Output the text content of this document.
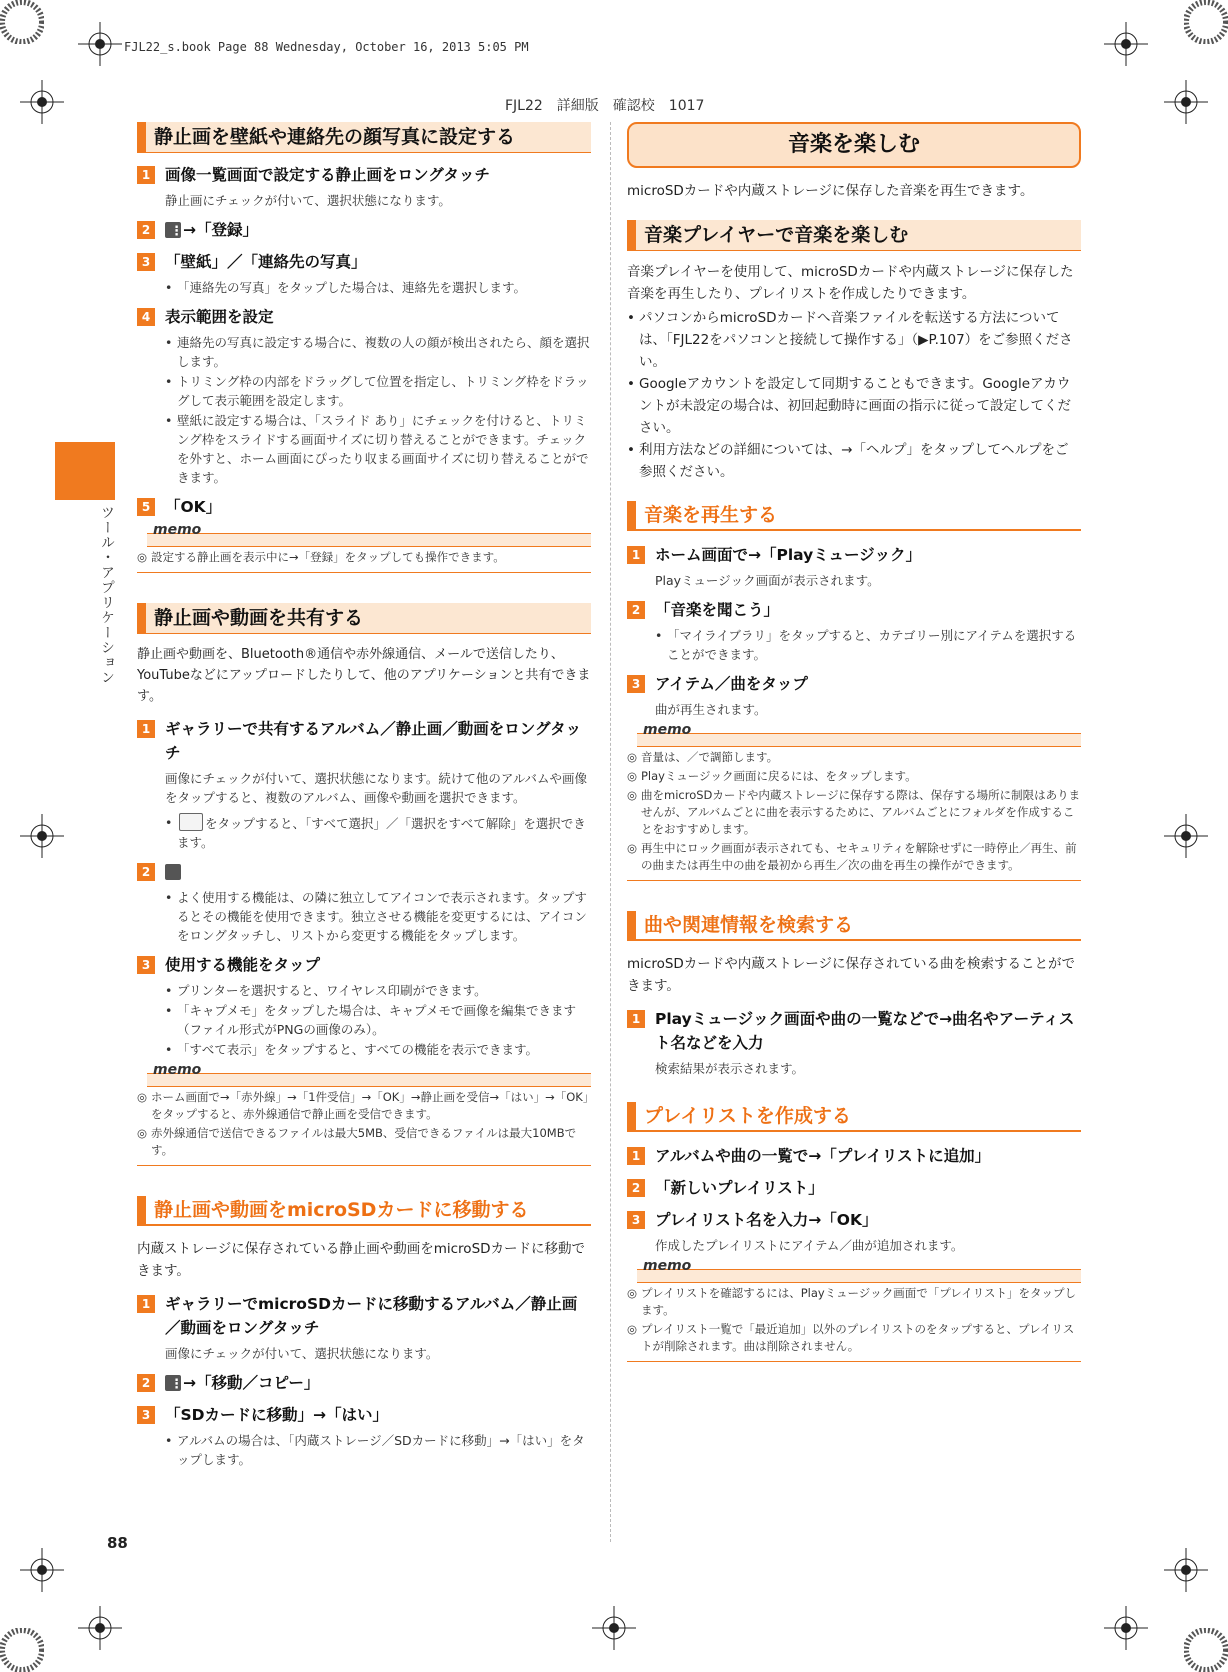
FJL22_s.book Page 88 Wednesday, October 16, 2013 5:05 PM
FJL22　詳細版　確認校　1017
ツール・アプリケーション
静止画を壁紙や連絡先の顔写真に設定する
1 画像一覧画面で設定する静止画をロングタッチ
静止画にチェックが付いて、選択状態になります。
2 ⋮	→「登録」
3 「壁紙」／「連絡先の写真」
• 「連絡先の写真」をタップした場合は、連絡先を選択します。
4 表示範囲を設定
• 連絡先の写真に設定する場合に、複数の人の顔が検出されたら、顔を選択します。
• トリミング枠の内部をドラッグして位置を指定し、トリミング枠をドラッグして表示範囲を設定します。
• 壁紙に設定する場合は、「スライド あり」にチェックを付けると、トリミング枠をスライドする画面サイズに切り替えることができます。チェックを外すと、ホーム画面にぴったり収まる画面サイズに切り替えることができます。
5 「OK」
memo
◎ 設定する静止画を表示中に→「登録」をタップしても操作できます。
静止画や動画を共有する
静止画や動画を、Bluetooth®通信や赤外線通信、メールで送信したり、YouTubeなどにアップロードしたりして、他のアプリケーションと共有できます。
1 ギャラリーで共有するアルバム／静止画／動画をロングタッチ
画像にチェックが付いて、選択状態になります。続けて他のアルバムや画像をタップすると、複数のアルバム、画像や動画を選択できます。
• をタップすると、「すべて選択」／「選択をすべて解除」を選択できます。
2
• よく使用する機能は、の隣に独立してアイコンで表示されます。タップするとその機能を使用できます。独立させる機能を変更するには、アイコンをロングタッチし、リストから変更する機能をタップします。
3 使用する機能をタップ
• プリンターを選択すると、ワイヤレス印刷ができます。
• 「キャプメモ」をタップした場合は、キャプメモで画像を編集できます（ファイル形式がPNGの画像のみ）。
• 「すべて表示」をタップすると、すべての機能を表示できます。
memo
◎ ホーム画面で→「赤外線」→「1件受信」→「OK」→静止画を受信→「はい」→「OK」をタップすると、赤外線通信で静止画を受信できます。
◎ 赤外線通信で送信できるファイルは最大5MB、受信できるファイルは最大10MBです。
静止画や動画をmicroSDカードに移動する
内蔵ストレージに保存されている静止画や動画をmicroSDカードに移動できます。
1 ギャラリーでmicroSDカードに移動するアルバム／静止画／動画をロングタッチ
画像にチェックが付いて、選択状態になります。
2 ⋮	→「移動／コピー」
3 「SDカードに移動」→「はい」
• アルバムの場合は、「内蔵ストレージ／SDカードに移動」→「はい」をタップします。
音楽を楽しむ
microSDカードや内蔵ストレージに保存した音楽を再生できます。
音楽プレイヤーで音楽を楽しむ
音楽プレイヤーを使用して、microSDカードや内蔵ストレージに保存した音楽を再生したり、プレイリストを作成したりできます。
• パソコンからmicroSDカードへ音楽ファイルを転送する方法については、「FJL22をパソコンと接続して操作する」（▶P.107）をご参照ください。
• Googleアカウントを設定して同期することもできます。Googleアカウントが未設定の場合は、初回起動時に画面の指示に従って設定してください。
• 利用方法などの詳細については、→「ヘルプ」をタップしてヘルプをご参照ください。
音楽を再生する
1 ホーム画面で→「Playミュージック」
Playミュージック画面が表示されます。
2 「音楽を聞こう」
• 「マイライブラリ」をタップすると、カテゴリー別にアイテムを選択することができます。
3 アイテム／曲をタップ
曲が再生されます。
memo
◎ 音量は、／で調節します。
◎ Playミュージック画面に戻るには、をタップします。
◎ 曲をmicroSDカードや内蔵ストレージに保存する際は、保存する場所に制限はありませんが、アルバムごとに曲を表示するために、アルバムごとにフォルダを作成することをおすすめします。
◎ 再生中にロック画面が表示されても、セキュリティを解除せずに一時停止／再生、前の曲または再生中の曲を最初から再生／次の曲を再生の操作ができます。
曲や関連情報を検索する
microSDカードや内蔵ストレージに保存されている曲を検索することができます。
1 Playミュージック画面や曲の一覧などで→曲名やアーティスト名などを入力
検索結果が表示されます。
プレイリストを作成する
1 アルバムや曲の一覧で→「プレイリストに追加」
2 「新しいプレイリスト」
3 プレイリスト名を入力→「OK」
作成したプレイリストにアイテム／曲が追加されます。
memo
◎ プレイリストを確認するには、Playミュージック画面で「プレイリスト」をタップします。
◎ プレイリスト一覧で「最近追加」以外のプレイリストのをタップすると、プレイリストが削除されます。曲は削除されません。
88
